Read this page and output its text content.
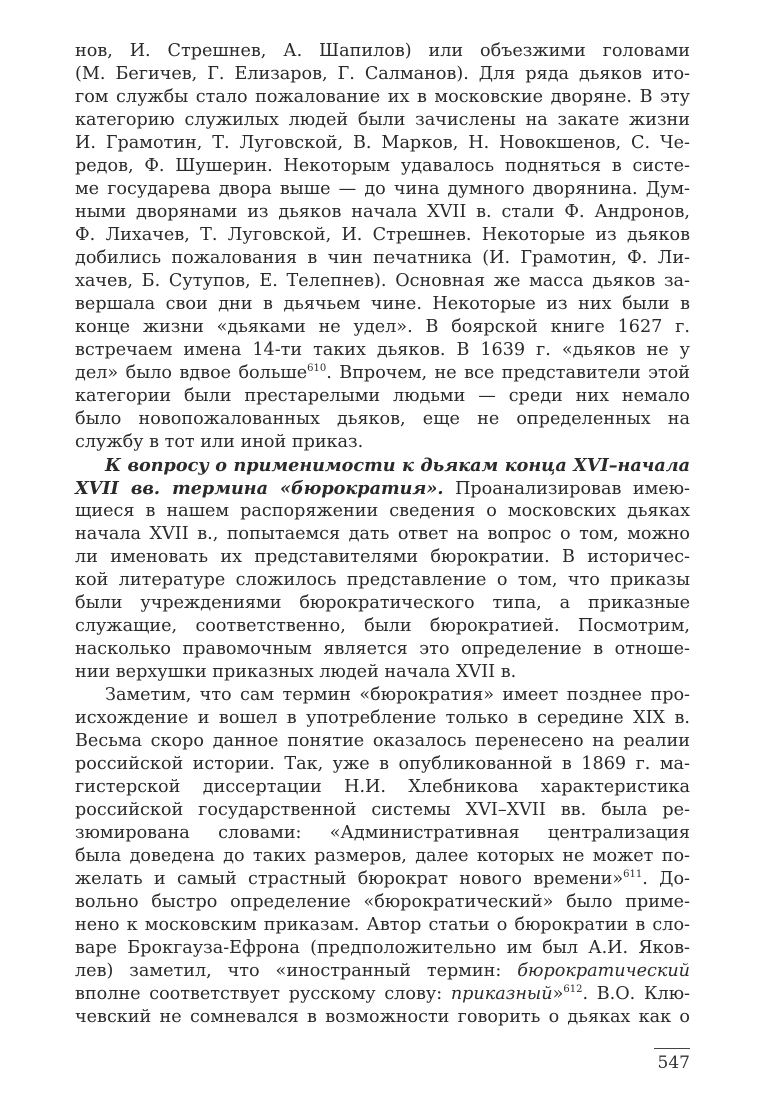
нов, И. Стрешнев, А. Шапилов) или объезжими головами
(М. Бегичев, Г. Елизаров, Г. Салманов). Для ряда дьяков ито-
гом службы стало пожалование их в московские дворяне. В эту
категорию служилых людей были зачислены на закате жизни
И. Грамотин, Т. Луговской, В. Марков, Н. Новокшенов, С. Че-
редов, Ф. Шушерин. Некоторым удавалось подняться в систе-
ме государева двора выше — до чина думного дворянина. Дум-
ными дворянами из дьяков начала XVII в. стали Ф. Андронов,
Ф. Лихачев, Т. Луговской, И. Стрешнев. Некоторые из дьяков
добились пожалования в чин печатника (И. Грамотин, Ф. Ли-
хачев, Б. Сутупов, Е. Телепнев). Основная же масса дьяков за-
вершала свои дни в дьячьем чине. Некоторые из них были в
конце жизни «дьяками не удел». В боярской книге 1627 г.
встречаем имена 14-ти таких дьяков. В 1639 г. «дьяков не у
дел» было вдвое больше$^{610}$. Впрочем, не все представители этой
категории были престарелыми людьми — среди них немало
было новопожалованных дьяков, еще не определенных на
службу в тот или иной приказ.
К вопросу о применимости к дьякам конца XVI–начала
XVII вв. термина «бюрократия». Проанализировав имею-
щиеся в нашем распоряжении сведения о московских дьяках
начала XVII в., попытаемся дать ответ на вопрос о том, можно
ли именовать их представителями бюрократии. В историчес-
кой литературе сложилось представление о том, что приказы
были учреждениями бюрократического типа, а приказные
служащие, соответственно, были бюрократией. Посмотрим,
насколько правомочным является это определение в отноше-
нии верхушки приказных людей начала XVII в.
Заметим, что сам термин «бюрократия» имеет позднее про-
исхождение и вошел в употребление только в середине XIX в.
Весьма скоро данное понятие оказалось перенесено на реалии
российской истории. Так, уже в опубликованной в 1869 г. ма-
гистерской диссертации Н.И. Хлебникова характеристика
российской государственной системы XVI–XVII вв. была ре-
зюмирована словами: «Административная централизация
была доведена до таких размеров, далее которых не может по-
желать и самый страстный бюрократ нового времени»$^{611}$. До-
вольно быстро определение «бюрократический» было приме-
нено к московским приказам. Автор статьи о бюрократии в сло-
варе Брокгауза-Ефрона (предположительно им был А.И. Яков-
лев) заметил, что «иностранный термин: бюрократический
вполне соответствует русскому слову: приказный»$^{612}$. В.О. Клю-
чевский не сомневался в возможности говорить о дьяках как о
547
